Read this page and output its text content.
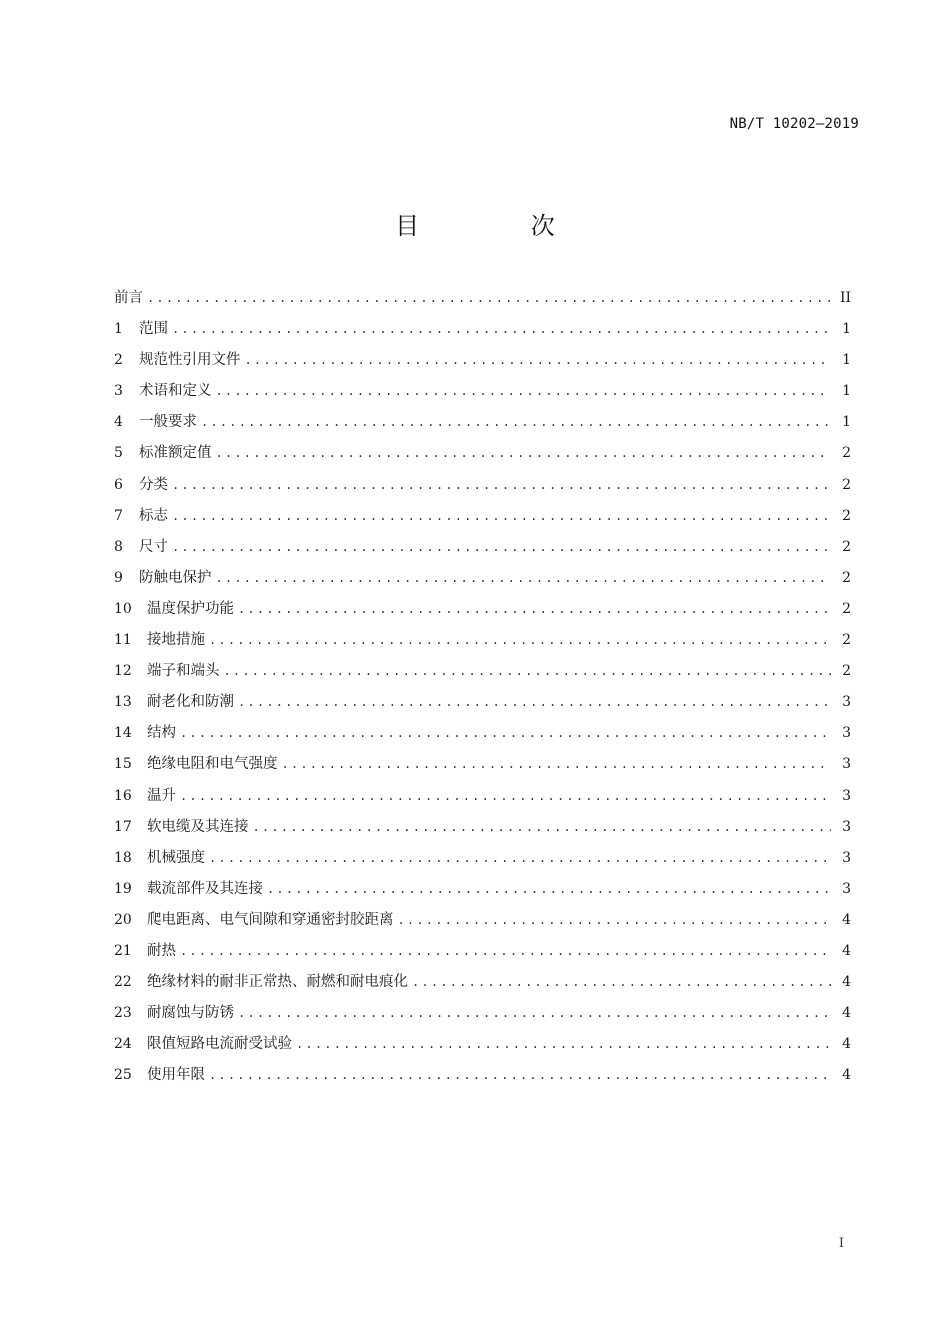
NB/T 10202—2019
目 次
前言 .....	II
1	范围 .....	1
2	规范性引用文件 .....	1
3	术语和定义 .....	1
4	一般要求 .....	1
5	标准额定值 .....	2
6	分类 .....	2
7	标志 .....	2
8	尺寸 .....	2
9	防触电保护 .....	2
10	温度保护功能 .....	2
11	接地措施 .....	2
12	端子和端头 .....	2
13	耐老化和防潮 .....	3
14	结构 .....	3
15	绝缘电阻和电气强度 .....	3
16	温升 .....	3
17	软电缆及其连接 .....	3
18	机械强度 .....	3
19	载流部件及其连接 .....	3
20	爬电距离、电气间隙和穿通密封胶距离 .....	4
21	耐热 .....	4
22	绝缘材料的耐非正常热、耐燃和耐电痕化 .....	4
23	耐腐蚀与防锈 .....	4
24	限值短路电流耐受试验 .....	4
25	使用年限 .....	4
I
